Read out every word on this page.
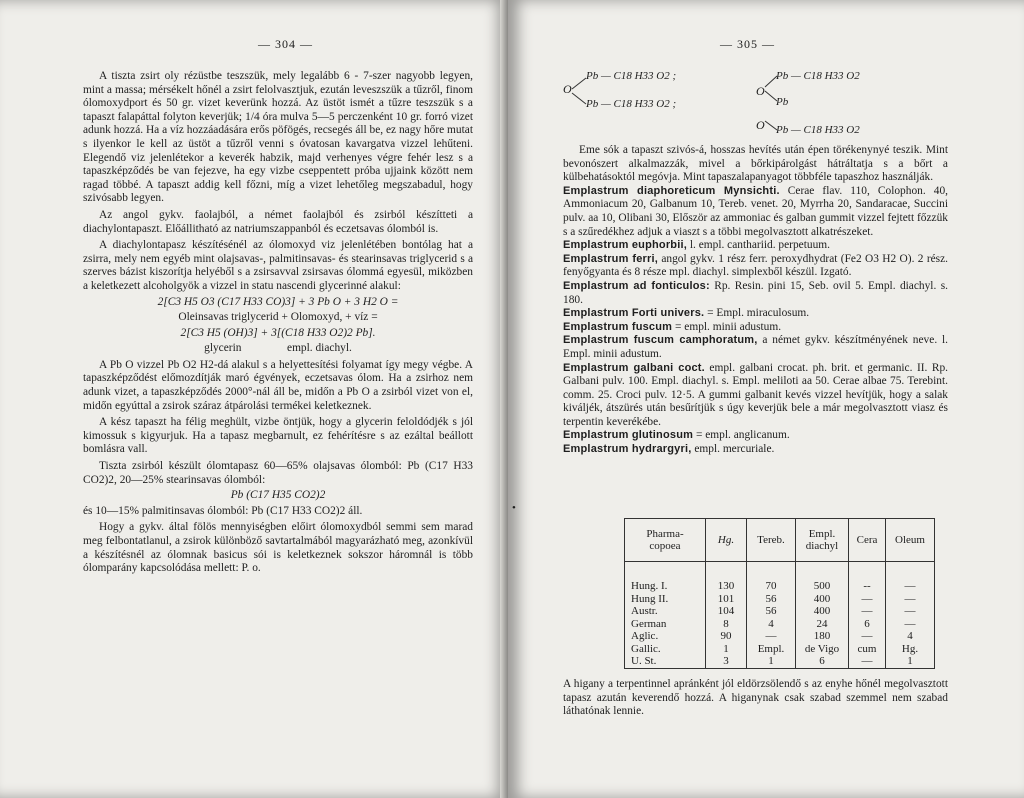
— 304 —

A tiszta zsirt oly rézüstbe teszszük, mely legalább 6 - 7-szer nagyobb legyen, mint a massa; mérsékelt hőnél a zsirt felolvasztjuk, ezután leveszszük a tűzről, finom ólomoxydport és 50 gr. vizet keverünk hozzá. Az üstöt ismét a tűzre teszszük s a tapaszt falapáttal folyton keverjük; 1/4 óra mulva 5—5 perczenként 10 gr. forró vizet adunk hozzá. Ha a víz hozzáadására erős pöfögés, recsegés áll be, ez nagy hőre mutat s ilyenkor le kell az üstöt a tűzről venni s óvatosan kavargatva vizzel lehűteni. Elegendő viz jelenlétekor a keverék habzik, majd verhenyes végre fehér lesz s a tapaszképződés be van fejezve, ha egy vizbe cseppentett próba ujjaink között nem ragad többé. A tapaszt addig kell főzni, míg a vizet lehetőleg megszabadul, hogy szivósabb legyen.

Az angol gykv. faolajból, a német faolajból és zsirból készítteti a diachylontapaszt. Előállitható az natriumszappanból és eczetsavas ólomból is.

A diachylontapasz készítésénél az ólomoxyd viz jelenlétében bontólag hat a zsirra, mely nem egyéb mint olajsavas-, palmitinsavas- és stearinsavas triglycerid s a szerves bázist kiszorítja helyéből s a zsirsavval zsirsavas ólommá egyesül, miközben a keletkezett alcoholgyök a vizzel in statu nascendi glycerinné alakul:

2[C3 H5 O3 (C17 H33 CO)3] + 3 Pb O + 3 H2 O =

Oleinsavas triglycerid + Olomoxyd, + víz =

2[C3 H5 (OH)3] + 3[(C18 H33 O2)2 Pb].

glycerin                empl. diachyl.

A Pb O vizzel Pb O2 H2-dá alakul s a helyettesítési folyamat így megy végbe. A tapaszképződést előmozdítják maró égvények, eczetsavas ólom. Ha a zsirhoz nem adunk vizet, a tapaszképződés 2000°-nál áll be, midőn a Pb O a zsirból vizet von el, midőn egyúttal a zsirok száraz átpárolási termékei keletkeznek.

A kész tapaszt ha félig meghült, vizbe öntjük, hogy a glycerin feloldódjék s jól kimossuk s kigyurjuk. Ha a tapasz megbarnult, ez fehérítésre s az ezáltal beállott bomlásra vall.

Tiszta zsirból készült ólomtapasz 60—65% olajsavas ólomból: Pb (C17 H33 CO2)2, 20—25% stearinsavas ólomból:

Pb (C17 H35 CO2)2

és 10—15% palmitinsavas ólomból: Pb (C17 H33 CO2)2 áll.

Hogy a gykv. által fölös mennyiségben előirt ólomoxydból semmi sem marad meg felbontatlanul, a zsirok különböző savtartalmából magyarázható meg, azonkívül a készítésnél az ólomnak basicus sói is keletkeznek sokszor háromnál is több ólomparány kapcsolódása mellett: P. o.

— 305 —
O
Pb — C18 H33 O2 ;
Pb — C18 H33 O2 ;
O
O
Pb — C18 H33 O2
Pb
Pb — C18 H33 O2

Eme sók a tapaszt szivós-á, hosszas hevítés után épen törékenynyé teszik. Mint bevonószert alkalmazzák, mivel a bőrkipárolgást hátráltatja s a bőrt a külbehatásoktól megóvja. Mint tapaszalapanyagot többféle tapaszhoz használják.

Emplastrum diaphoreticum Mynsichti. Cerae flav. 110, Colophon. 40, Ammoniacum 20, Galbanum 10, Tereb. venet. 20, Myrrha 20, Sandaracae, Succini pulv. aa 10, Olibani 30, Először az ammoniac és galban gummit vizzel fejtett főzzük s a szűredékhez adjuk a viaszt s a többi megolvasztott alkatrészeket.

Emplastrum euphorbii, l. empl. canthariid. perpetuum.

Emplastrum ferri, angol gykv. 1 rész ferr. peroxydhydrat (Fe2 O3 H2 O). 2 rész. fenyőgyanta és 8 része mpl. diachyl. simplexből készül. Izgató.

Emplastrum ad fonticulos: Rp. Resin. pini 15, Seb. ovil 5. Empl. diachyl. s. 180.

Emplastrum Forti univers. = Empl. miraculosum.

Emplastrum fuscum = empl. minii adustum.

Emplastrum fuscum camphoratum, a német gykv. készítményének neve. l. Empl. minii adustum.

Emplastrum galbani coct. empl. galbani crocat. ph. brit. et germanic. II. Rp. Galbani pulv. 100. Empl. diachyl. s. Empl. meliloti aa 50. Cerae albae 75. Terebint. comm. 25. Croci pulv. 12·5. A gummi galbanit kevés vizzel hevítjük, hogy a salak kiváljék, átszürés után besűrítjük s úgy keverjük bele a már megolvasztott viasz és terpentin keverékébe.

Emplastrum glutinosum = empl. anglicanum.

Emplastrum hydrargyri, empl. mercuriale.

Pharma-copoea	Hg.	Tereb.	Empl. diachyl	Cera	Oleum
Hung. I.	130	70	500	--	—
Hung II.	101	56	400	—	—
Austr.	104	56	400	—	—
German	8	4	24	6	—
Aglic.	90	—	180	—	4
Gallic.	1	Empl.	de Vigo	cum	Hg.
U. St.	3	1	6	—	1
A higany a terpentinnel apránként jól eldörzsölendő s az enyhe hőnél megolvasztott tapasz azután keverendő hozzá. A higanynak csak szabad szemmel nem szabad láthatónak lennie.
•
